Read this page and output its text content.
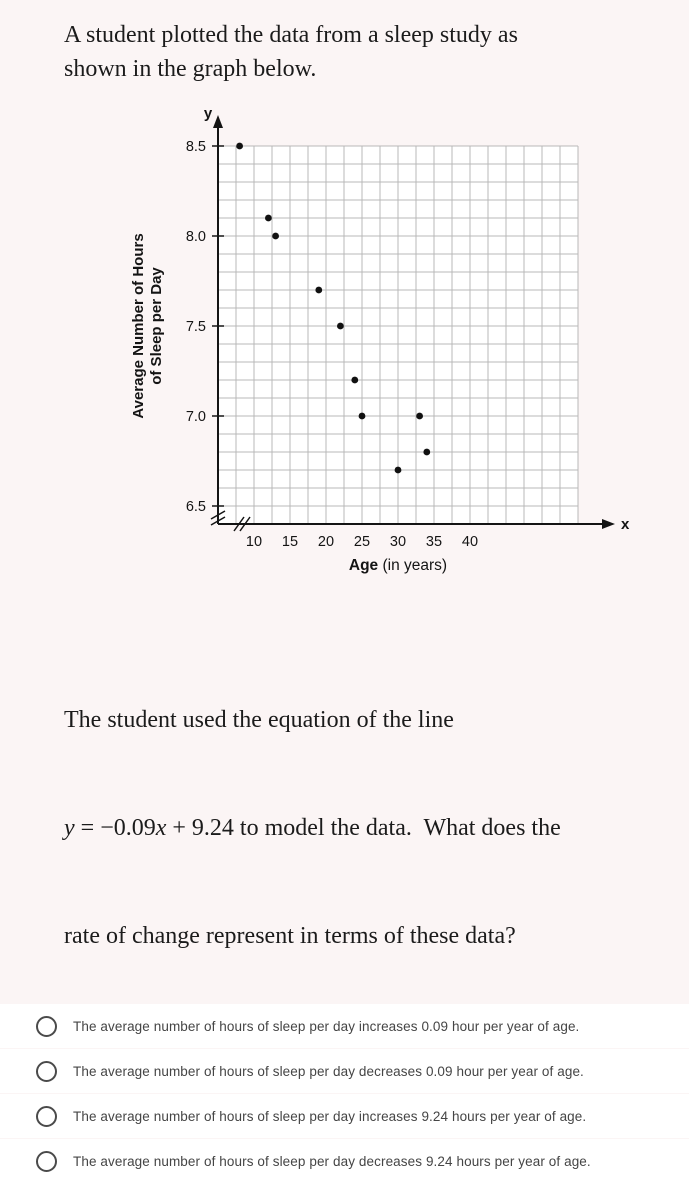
A student plotted the data from a sleep study as
shown in the graph below.
y
x
8.5
8.0
7.5
7.0
6.5
10 15 20 25 30 35 40
Age (in years)
Average Number of Hours of Sleep per Day

The student used the equation of the line

y = −0.09x + 9.24 to model the data.  What does the

rate of change represent in terms of these data?

The average number of hours of sleep per day increases 0.09 hour per year of age.
The average number of hours of sleep per day decreases 0.09 hour per year of age.
The average number of hours of sleep per day increases 9.24 hours per year of age.
The average number of hours of sleep per day decreases 9.24 hours per year of age.
